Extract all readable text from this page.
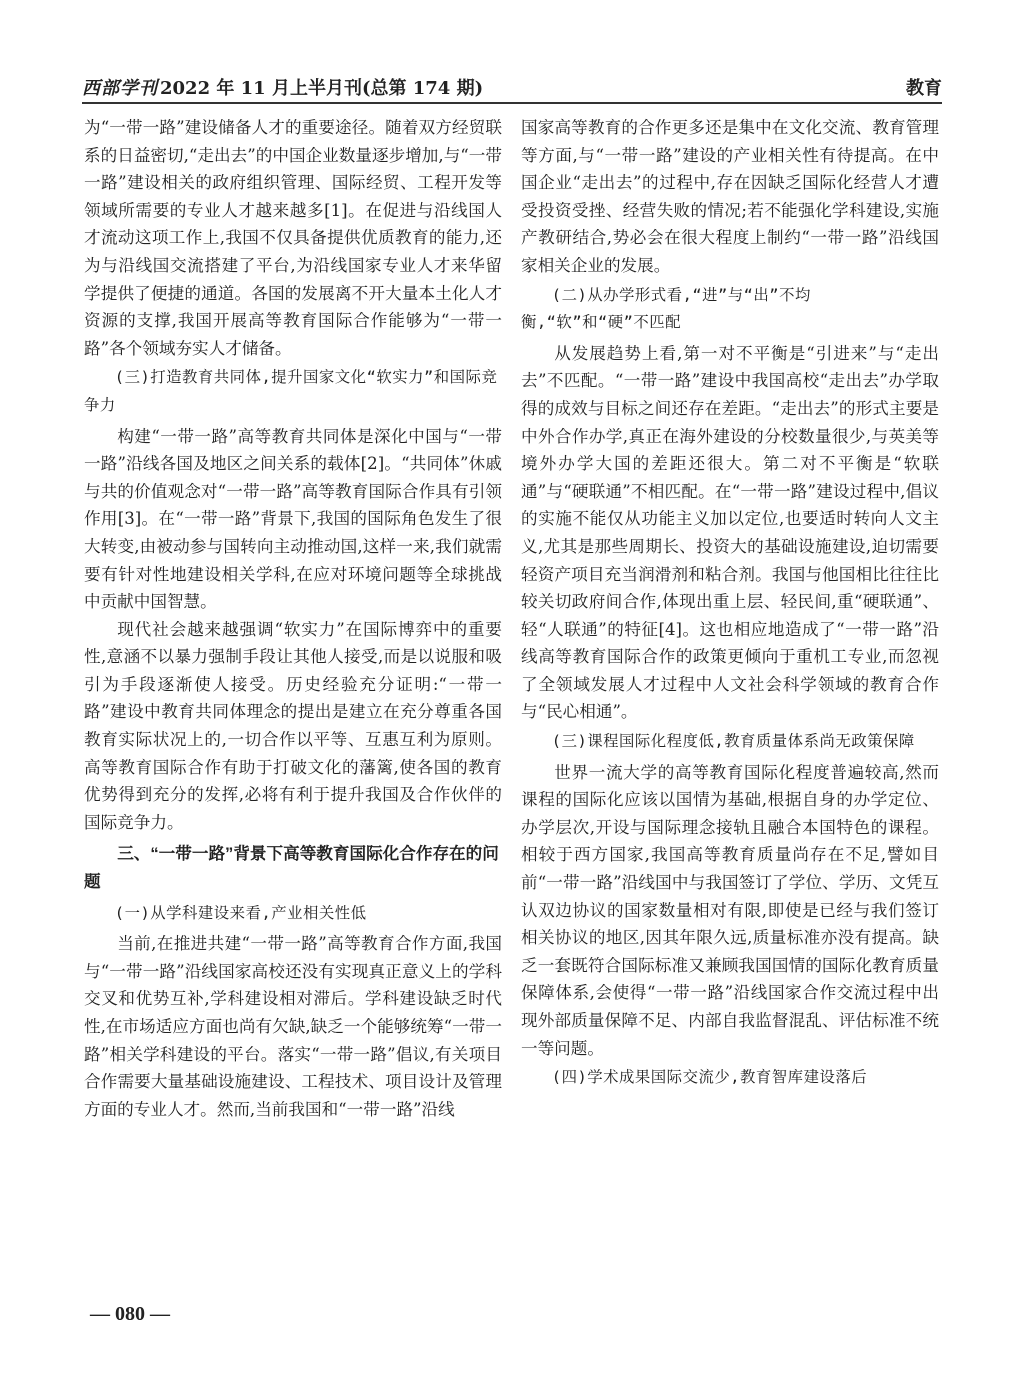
西部学刊 2022 年 11 月上半月刊(总第 174 期)	教育

为“一带一路”建设储备人才的重要途径。随着双方经贸联系的日益密切,“走出去”的中国企业数量逐步增加,与“一带一路”建设相关的政府组织管理、国际经贸、工程开发等领域所需要的专业人才越来越多[1]。在促进与沿线国人才流动这项工作上,我国不仅具备提供优质教育的能力,还为与沿线国交流搭建了平台,为沿线国家专业人才来华留学提供了便捷的通道。各国的发展离不开大量本土化人才资源的支撑,我国开展高等教育国际合作能够为“一带一路”各个领域夯实人才储备。

(三)打造教育共同体,提升国家文化“软实力”和国际竞争力

构建“一带一路”高等教育共同体是深化中国与“一带一路”沿线各国及地区之间关系的载体[2]。“共同体”休戚与共的价值观念对“一带一路”高等教育国际合作具有引领作用[3]。在“一带一路”背景下,我国的国际角色发生了很大转变,由被动参与国转向主动推动国,这样一来,我们就需要有针对性地建设相关学科,在应对环境问题等全球挑战中贡献中国智慧。

现代社会越来越强调“软实力”在国际博弈中的重要性,意涵不以暴力强制手段让其他人接受,而是以说服和吸引为手段逐渐使人接受。历史经验充分证明:“一带一路”建设中教育共同体理念的提出是建立在充分尊重各国教育实际状况上的,一切合作以平等、互惠互利为原则。高等教育国际合作有助于打破文化的藩篱,使各国的教育优势得到充分的发挥,必将有利于提升我国及合作伙伴的国际竞争力。

三、“一带一路”背景下高等教育国际化合作存在的问题

(一)从学科建设来看,产业相关性低

当前,在推进共建“一带一路”高等教育合作方面,我国与“一带一路”沿线国家高校还没有实现真正意义上的学科交叉和优势互补,学科建设相对滞后。学科建设缺乏时代性,在市场适应方面也尚有欠缺,缺乏一个能够统筹“一带一路”相关学科建设的平台。落实“一带一路”倡议,有关项目合作需要大量基础设施建设、工程技术、项目设计及管理方面的专业人才。然而,当前我国和“一带一路”沿线

国家高等教育的合作更多还是集中在文化交流、教育管理等方面,与“一带一路”建设的产业相关性有待提高。在中国企业“走出去”的过程中,存在因缺乏国际化经营人才遭受投资受挫、经营失败的情况;若不能强化学科建设,实施产教研结合,势必会在很大程度上制约“一带一路”沿线国家相关企业的发展。

(二)从办学形式看,“进”与“出”不均衡,“软”和“硬”不匹配

从发展趋势上看,第一对不平衡是“引进来”与“走出去”不匹配。“一带一路”建设中我国高校“走出去”办学取得的成效与目标之间还存在差距。“走出去”的形式主要是中外合作办学,真正在海外建设的分校数量很少,与英美等境外办学大国的差距还很大。第二对不平衡是“软联通”与“硬联通”不相匹配。在“一带一路”建设过程中,倡议的实施不能仅从功能主义加以定位,也要适时转向人文主义,尤其是那些周期长、投资大的基础设施建设,迫切需要轻资产项目充当润滑剂和粘合剂。我国与他国相比往往比较关切政府间合作,体现出重上层、轻民间,重“硬联通”、轻“人联通”的特征[4]。这也相应地造成了“一带一路”沿线高等教育国际合作的政策更倾向于重机工专业,而忽视了全领域发展人才过程中人文社会科学领域的教育合作与“民心相通”。

(三)课程国际化程度低,教育质量体系尚无政策保障

世界一流大学的高等教育国际化程度普遍较高,然而课程的国际化应该以国情为基础,根据自身的办学定位、办学层次,开设与国际理念接轨且融合本国特色的课程。相较于西方国家,我国高等教育质量尚存在不足,譬如目前“一带一路”沿线国中与我国签订了学位、学历、文凭互认双边协议的国家数量相对有限,即使是已经与我们签订相关协议的地区,因其年限久远,质量标准亦没有提高。缺乏一套既符合国际标准又兼顾我国国情的国际化教育质量保障体系,会使得“一带一路”沿线国家合作交流过程中出现外部质量保障不足、内部自我监督混乱、评估标准不统一等问题。

(四)学术成果国际交流少,教育智库建设落后

— 080 —
